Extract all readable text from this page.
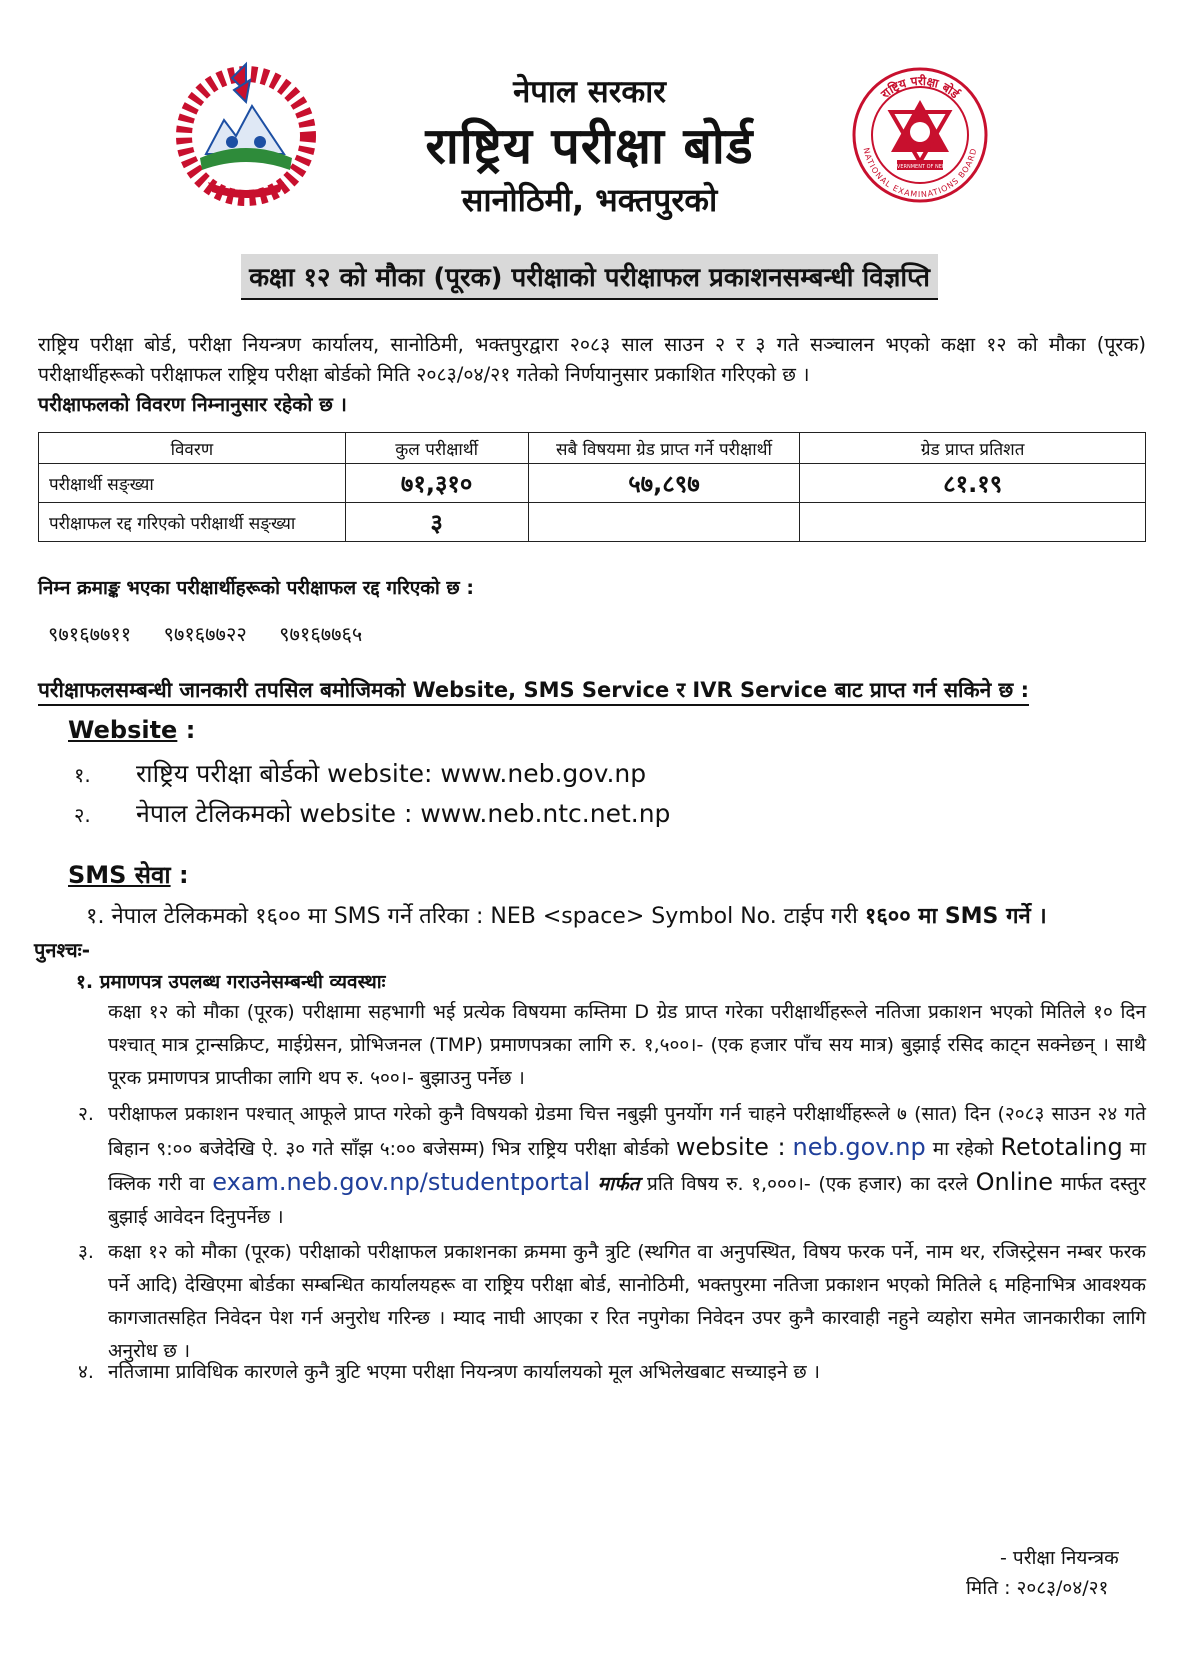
नेपाल सरकार
राष्ट्रिय परीक्षा बोर्ड
सानोठिमी, भक्तपुरको
राष्ट्रिय परीक्षा बोर्ड
NATIONAL EXAMINATIONS BOARD
GOVERNMENT OF NEPAL
कक्षा १२ को मौका (पूरक) परीक्षाको परीक्षाफल प्रकाशनसम्बन्धी विज्ञप्ति
राष्ट्रिय परीक्षा बोर्ड, परीक्षा नियन्त्रण कार्यालय, सानोठिमी, भक्तपुरद्वारा २०८३ साल साउन २ र ३ गते सञ्चालन भएको कक्षा १२ को मौका (पूरक) परीक्षार्थीहरूको परीक्षाफल राष्ट्रिय परीक्षा बोर्डको मिति २०८३/०४/२१ गतेको निर्णयानुसार प्रकाशित गरिएको छ ।
परीक्षाफलको विवरण निम्नानुसार रहेको छ ।
विवरण	कुल परीक्षार्थी	सबै विषयमा ग्रेड प्राप्त गर्ने परीक्षार्थी	ग्रेड प्राप्त प्रतिशत
परीक्षार्थी सङ्ख्या	७१,३१०	५७,८९७	८१.१९
परीक्षाफल रद्द गरिएको परीक्षार्थी सङ्ख्या	३		
निम्न क्रमाङ्क भएका परीक्षार्थीहरूको परीक्षाफल रद्द गरिएको छ :
९७१६७७११ ९७१६७७२२ ९७१६७७६५
परीक्षाफलसम्बन्धी जानकारी तपसिल बमोजिमको Website, SMS Service र IVR Service बाट प्राप्त गर्न सकिने छ :
Website :
१. राष्ट्रिय परीक्षा बोर्डको website: www.neb.gov.np
२. नेपाल टेलिकमको website : www.neb.ntc.net.np
SMS सेवा :
१. नेपाल टेलिकमको १६०० मा SMS गर्ने तरिका : NEB <space> Symbol No. टाईप गरी १६०० मा SMS गर्ने ।
पुनश्चः-
१. प्रमाणपत्र उपलब्ध गराउनेसम्बन्धी व्यवस्थाः
कक्षा १२ को मौका (पूरक) परीक्षामा सहभागी भई प्रत्येक विषयमा कम्तिमा D ग्रेड प्राप्त गरेका परीक्षार्थीहरूले नतिजा प्रकाशन भएको मितिले १० दिन पश्चात् मात्र ट्रान्सक्रिप्ट, माईग्रेसन, प्रोभिजनल (TMP) प्रमाणपत्रका लागि रु. १,५००।- (एक हजार पाँच सय मात्र) बुझाई रसिद काट्न सक्नेछन् । साथै पूरक प्रमाणपत्र प्राप्तीका लागि थप रु. ५००।- बुझाउनु पर्नेछ ।
२. परीक्षाफल प्रकाशन पश्चात् आफूले प्राप्त गरेको कुनै विषयको ग्रेडमा चित्त नबुझी पुनर्योग गर्न चाहने परीक्षार्थीहरूले ७ (सात) दिन (२०८३ साउन २४ गते बिहान ९:०० बजेदेखि ऐ. ३० गते साँझ ५:०० बजेसम्म) भित्र राष्ट्रिय परीक्षा बोर्डको website : neb.gov.np मा रहेको Retotaling मा क्लिक गरी वा exam.neb.gov.np/studentportal मार्फत प्रति विषय रु. १,०००।- (एक हजार) का दरले Online मार्फत दस्तुर बुझाई आवेदन दिनुपर्नेछ ।
३. कक्षा १२ को मौका (पूरक) परीक्षाको परीक्षाफल प्रकाशनका क्रममा कुनै त्रुटि (स्थगित वा अनुपस्थित, विषय फरक पर्ने, नाम थर, रजिस्ट्रेसन नम्बर फरक पर्ने आदि) देखिएमा बोर्डका सम्बन्धित कार्यालयहरू वा राष्ट्रिय परीक्षा बोर्ड, सानोठिमी, भक्तपुरमा नतिजा प्रकाशन भएको मितिले ६ महिनाभित्र आवश्यक कागजातसहित निवेदन पेश गर्न अनुरोध गरिन्छ । म्याद नाघी आएका र रित नपुगेका निवेदन उपर कुनै कारवाही नहुने व्यहोरा समेत जानकारीका लागि अनुरोध छ ।
४. नतिजामा प्राविधिक कारणले कुनै त्रुटि भएमा परीक्षा नियन्त्रण कार्यालयको मूल अभिलेखबाट सच्याइने छ ।
- परीक्षा नियन्त्रक
मिति : २०८३/०४/२१
